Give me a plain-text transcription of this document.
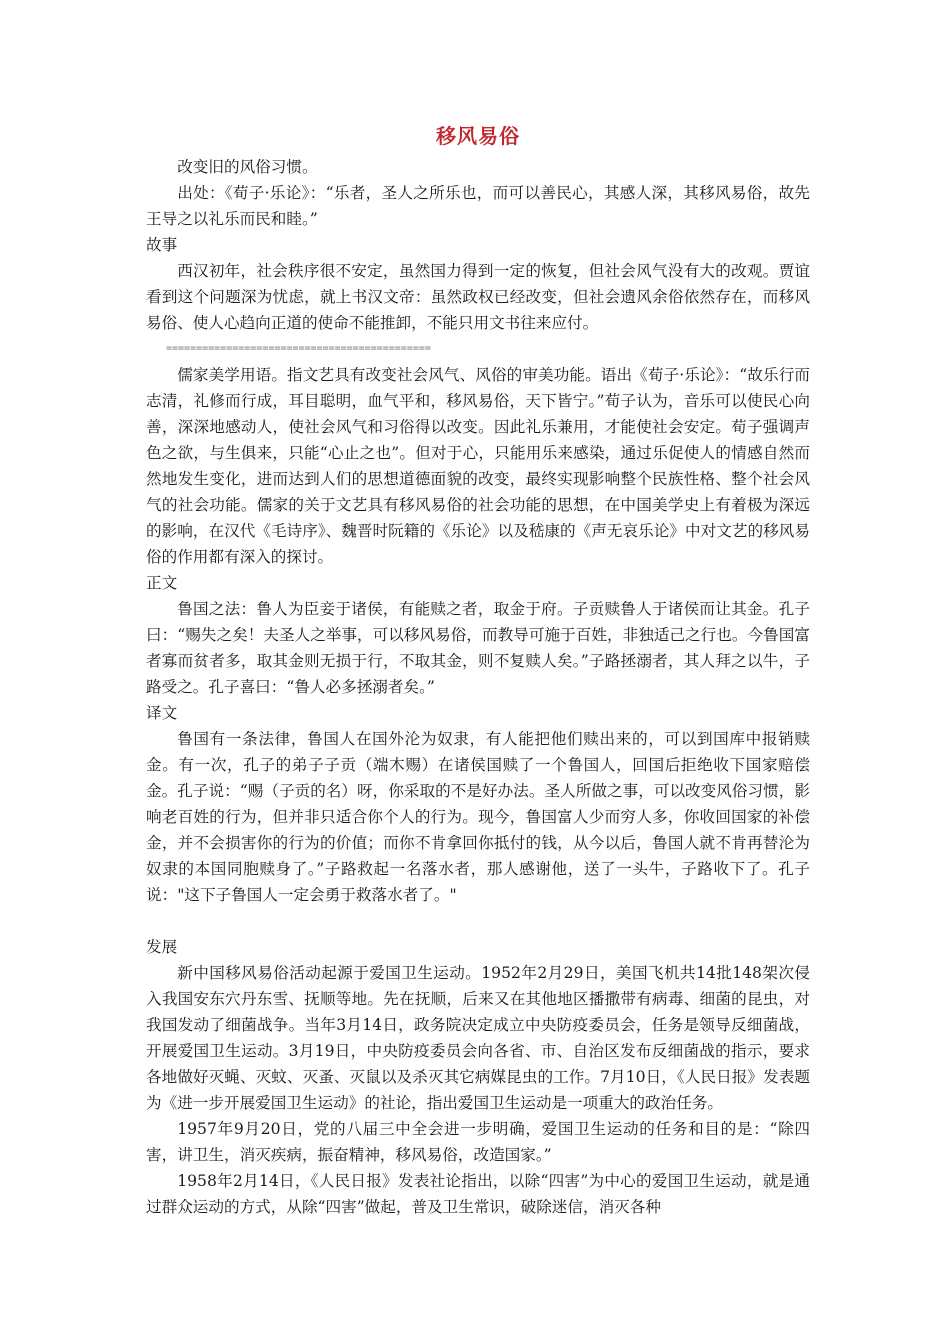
移风易俗

改变旧的风俗习惯。

出处：《荀子·乐论》：“乐者，圣人之所乐也，而可以善民心，其感人深，其移风易俗，故先王导之以礼乐而民和睦。”

故事

西汉初年，社会秩序很不安定，虽然国力得到一定的恢复，但社会风气没有大的改观。贾谊看到这个问题深为忧虑，就上书汉文帝：虽然政权已经改变，但社会遗风余俗依然存在，而移风易俗、使人心趋向正道的使命不能推卸，不能只用文书往来应付。

============================================

儒家美学用语。指文艺具有改变社会风气、风俗的审美功能。语出《荀子·乐论》：“故乐行而志清，礼修而行成，耳目聪明，血气平和，移风易俗，天下皆宁。”荀子认为，音乐可以使民心向善，深深地感动人，使社会风气和习俗得以改变。因此礼乐兼用，才能使社会安定。荀子强调声色之欲，与生俱来，只能“心止之也”。但对于心，只能用乐来感染，通过乐促使人的情感自然而然地发生变化，进而达到人们的思想道德面貌的改变，最终实现影响整个民族性格、整个社会风气的社会功能。儒家的关于文艺具有移风易俗的社会功能的思想，在中国美学史上有着极为深远的影响，在汉代《毛诗序》、魏晋时阮籍的《乐论》以及嵇康的《声无哀乐论》中对文艺的移风易俗的作用都有深入的探讨。

正文

鲁国之法：鲁人为臣妾于诸侯，有能赎之者，取金于府。子贡赎鲁人于诸侯而让其金。孔子曰：“赐失之矣！夫圣人之举事，可以移风易俗，而教导可施于百姓，非独适己之行也。今鲁国富者寡而贫者多，取其金则无损于行，不取其金，则不复赎人矣。”子路拯溺者，其人拜之以牛，子路受之。孔子喜曰：“鲁人必多拯溺者矣。”

译文

鲁国有一条法律，鲁国人在国外沦为奴隶，有人能把他们赎出来的，可以到国库中报销赎金。有一次，孔子的弟子子贡（端木赐）在诸侯国赎了一个鲁国人，回国后拒绝收下国家赔偿金。孔子说：“赐（子贡的名）呀，你采取的不是好办法。圣人所做之事，可以改变风俗习惯，影响老百姓的行为，但并非只适合你个人的行为。现今，鲁国富人少而穷人多，你收回国家的补偿金，并不会损害你的行为的价值；而你不肯拿回你抵付的钱，从今以后，鲁国人就不肯再替沦为奴隶的本国同胞赎身了。”子路救起一名落水者，那人感谢他，送了一头牛，子路收下了。孔子说："这下子鲁国人一定会勇于救落水者了。"

发展

新中国移风易俗活动起源于爱国卫生运动。1952年2月29日，美国飞机共14批148架次侵入我国安东穴丹东雪、抚顺等地。先在抚顺，后来又在其他地区播撒带有病毒、细菌的昆虫，对我国发动了细菌战争。当年3月14日，政务院决定成立中央防疫委员会，任务是领导反细菌战，开展爱国卫生运动。3月19日，中央防疫委员会向各省、市、自治区发布反细菌战的指示，要求各地做好灭蝇、灭蚊、灭蚤、灭鼠以及杀灭其它病媒昆虫的工作。7月10日，《人民日报》发表题为《进一步开展爱国卫生运动》的社论，指出爱国卫生运动是一项重大的政治任务。

1957年9月20日，党的八届三中全会进一步明确，爱国卫生运动的任务和目的是：“除四害，讲卫生，消灭疾病，振奋精神，移风易俗，改造国家。”

1958年2月14日，《人民日报》发表社论指出，以除“四害”为中心的爱国卫生运动，就是通过群众运动的方式，从除“四害”做起，普及卫生常识，破除迷信，消灭各种
